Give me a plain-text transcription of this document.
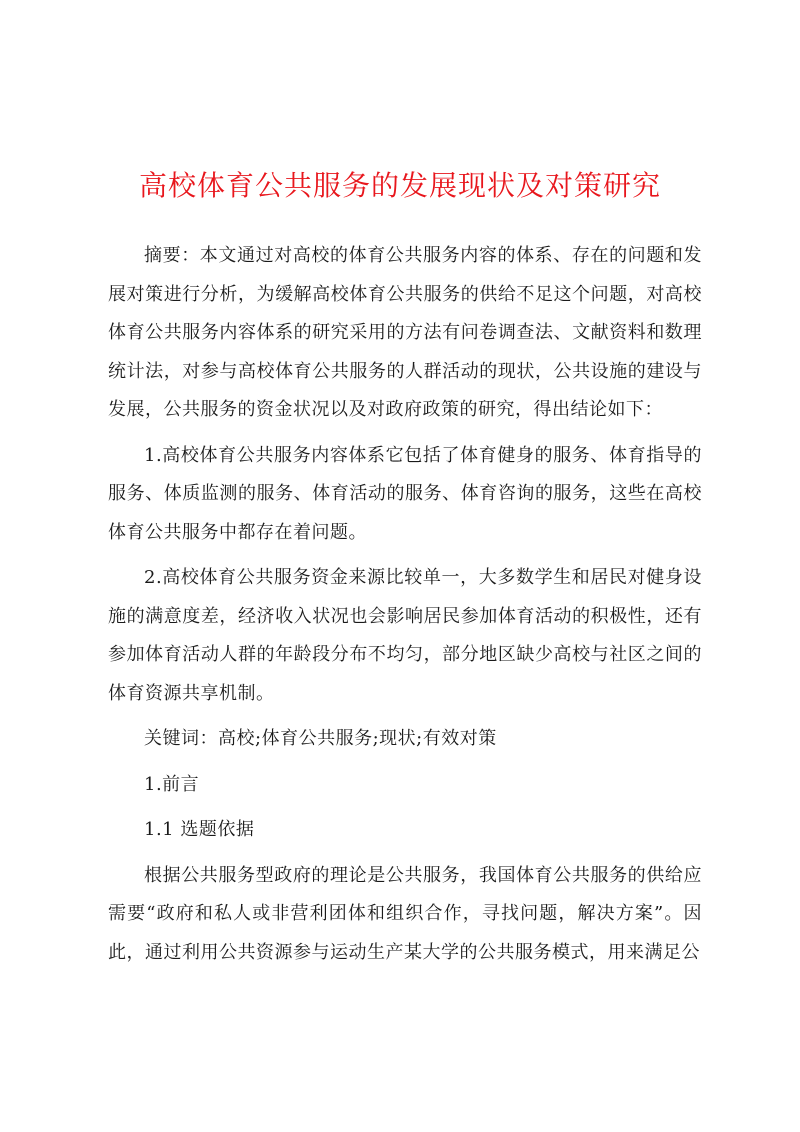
高校体育公共服务的发展现状及对策研究

摘要：本文通过对高校的体育公共服务内容的体系、存在的问题和发展对策进行分析，为缓解高校体育公共服务的供给不足这个问题，对高校体育公共服务内容体系的研究采用的方法有问卷调查法、文献资料和数理统计法，对参与高校体育公共服务的人群活动的现状，公共设施的建设与发展，公共服务的资金状况以及对政府政策的研究，得出结论如下：

1.高校体育公共服务内容体系它包括了体育健身的服务、体育指导的服务、体质监测的服务、体育活动的服务、体育咨询的服务，这些在高校体育公共服务中都存在着问题。

2.高校体育公共服务资金来源比较单一，大多数学生和居民对健身设施的满意度差，经济收入状况也会影响居民参加体育活动的积极性，还有参加体育活动人群的年龄段分布不均匀，部分地区缺少高校与社区之间的体育资源共享机制。

关键词：高校;体育公共服务;现状;有效对策

1.前言

1.1 选题依据

根据公共服务型政府的理论是公共服务，我国体育公共服务的供给应需要“政府和私人或非营利团体和组织合作，寻找问题，解决方案”。因此，通过利用公共资源参与运动生产某大学的公共服务模式，用来满足公
